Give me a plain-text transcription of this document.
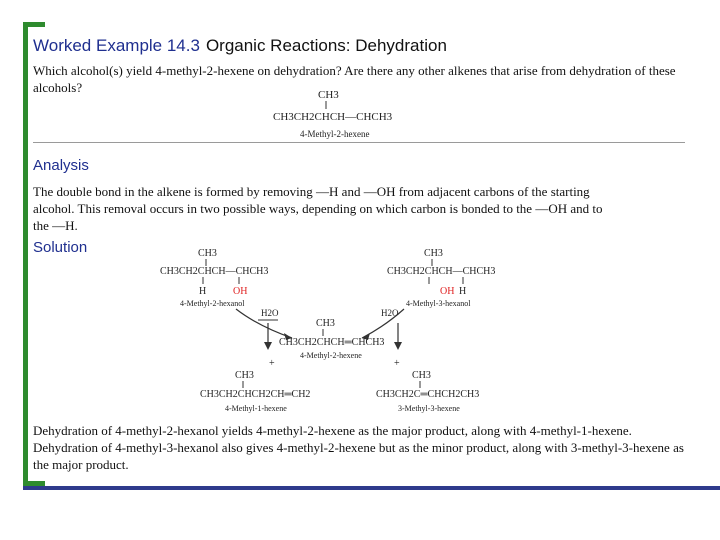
Worked Example 14.3 Organic Reactions: Dehydration
Which alcohol(s) yield 4-methyl-2-hexene on dehydration? Are there any other alkenes that arise from dehydration of these alcohols?
Analysis
The double bond in the alkene is formed by removing —H and —OH from adjacent carbons of the starting alcohol. This removal occurs in two possible ways, depending on which carbon is bonded to the —OH and to the —H.
Solution
CH3
CH3CH2CHCH—CHCH3
4-Methyl-2-hexene
CH3
CH3CH2CHCH—CHCH3
H	OH
4-Methyl-2-hexanol
CH3
CH3CH2CHCH—CHCH3
OH H
4-Methyl-3-hexanol
H2O	H2O
CH3
CH3CH2CHCH═CHCH3
4-Methyl-2-hexene
+	+
CH3
CH3CH2CHCH2CH═CH2
4-Methyl-1-hexene
CH3
CH3CH2C═CHCH2CH3
3-Methyl-3-hexene
Dehydration of 4-methyl-2-hexanol yields 4-methyl-2-hexene as the major product, along with 4-methyl-1-hexene. Dehydration of 4-methyl-3-hexanol also gives 4-methyl-2-hexene but as the minor product, along with 3-methyl-3-hexene as the major product.
